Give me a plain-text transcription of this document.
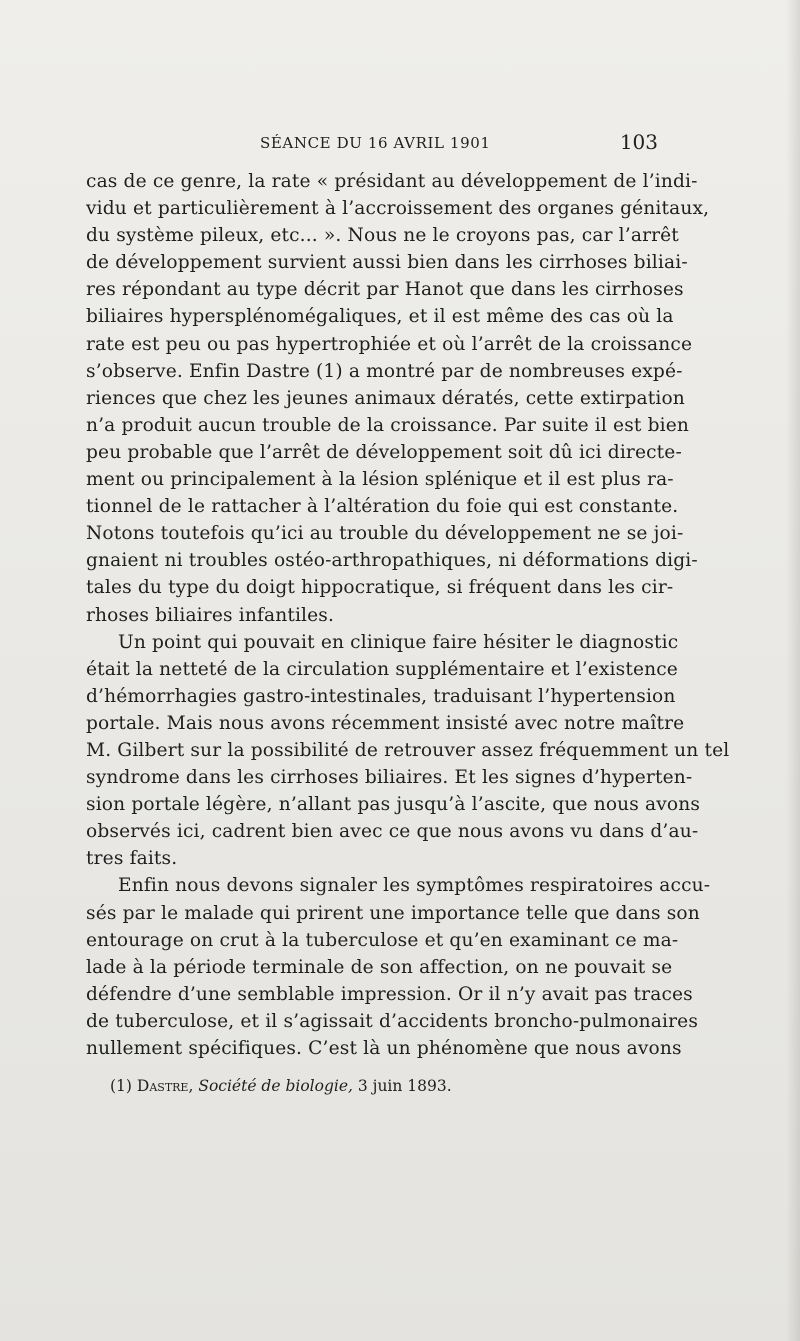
SÉANCE DU 16 AVRIL 1901	103
cas de ce genre, la rate « présidant au développement de l’indi-
vidu et particulièrement à l’accroissement des organes génitaux,
du système pileux, etc... ». Nous ne le croyons pas, car l’arrêt
de développement survient aussi bien dans les cirrhoses biliai-
res répondant au type décrit par Hanot que dans les cirrhoses
biliaires hypersplénomégaliques, et il est même des cas où la
rate est peu ou pas hypertrophiée et où l’arrêt de la croissance
s’observe. Enfin Dastre (1) a montré par de nombreuses expé-
riences que chez les jeunes animaux dératés, cette extirpation
n’a produit aucun trouble de la croissance. Par suite il est bien
peu probable que l’arrêt de développement soit dû ici directe-
ment ou principalement à la lésion splénique et il est plus ra-
tionnel de le rattacher à l’altération du foie qui est constante.
Notons toutefois qu’ici au trouble du développement ne se joi-
gnaient ni troubles ostéo-arthropathiques, ni déformations digi-
tales du type du doigt hippocratique, si fréquent dans les cir-
rhoses biliaires infantiles.
Un point qui pouvait en clinique faire hésiter le diagnostic
était la netteté de la circulation supplémentaire et l’existence
d’hémorrhagies gastro-intestinales, traduisant l’hypertension
portale. Mais nous avons récemment insisté avec notre maître
M. Gilbert sur la possibilité de retrouver assez fréquemment un tel
syndrome dans les cirrhoses biliaires. Et les signes d’hyperten-
sion portale légère, n’allant pas jusqu’à l’ascite, que nous avons
observés ici, cadrent bien avec ce que nous avons vu dans d’au-
tres faits.
Enfin nous devons signaler les symptômes respiratoires accu-
sés par le malade qui prirent une importance telle que dans son
entourage on crut à la tuberculose et qu’en examinant ce ma-
lade à la période terminale de son affection, on ne pouvait se
défendre d’une semblable impression. Or il n’y avait pas traces
de tuberculose, et il s’agissait d’accidents broncho-pulmonaires
nullement spécifiques. C’est là un phénomène que nous avons
(1) Dastre, Société de biologie, 3 juin 1893.
